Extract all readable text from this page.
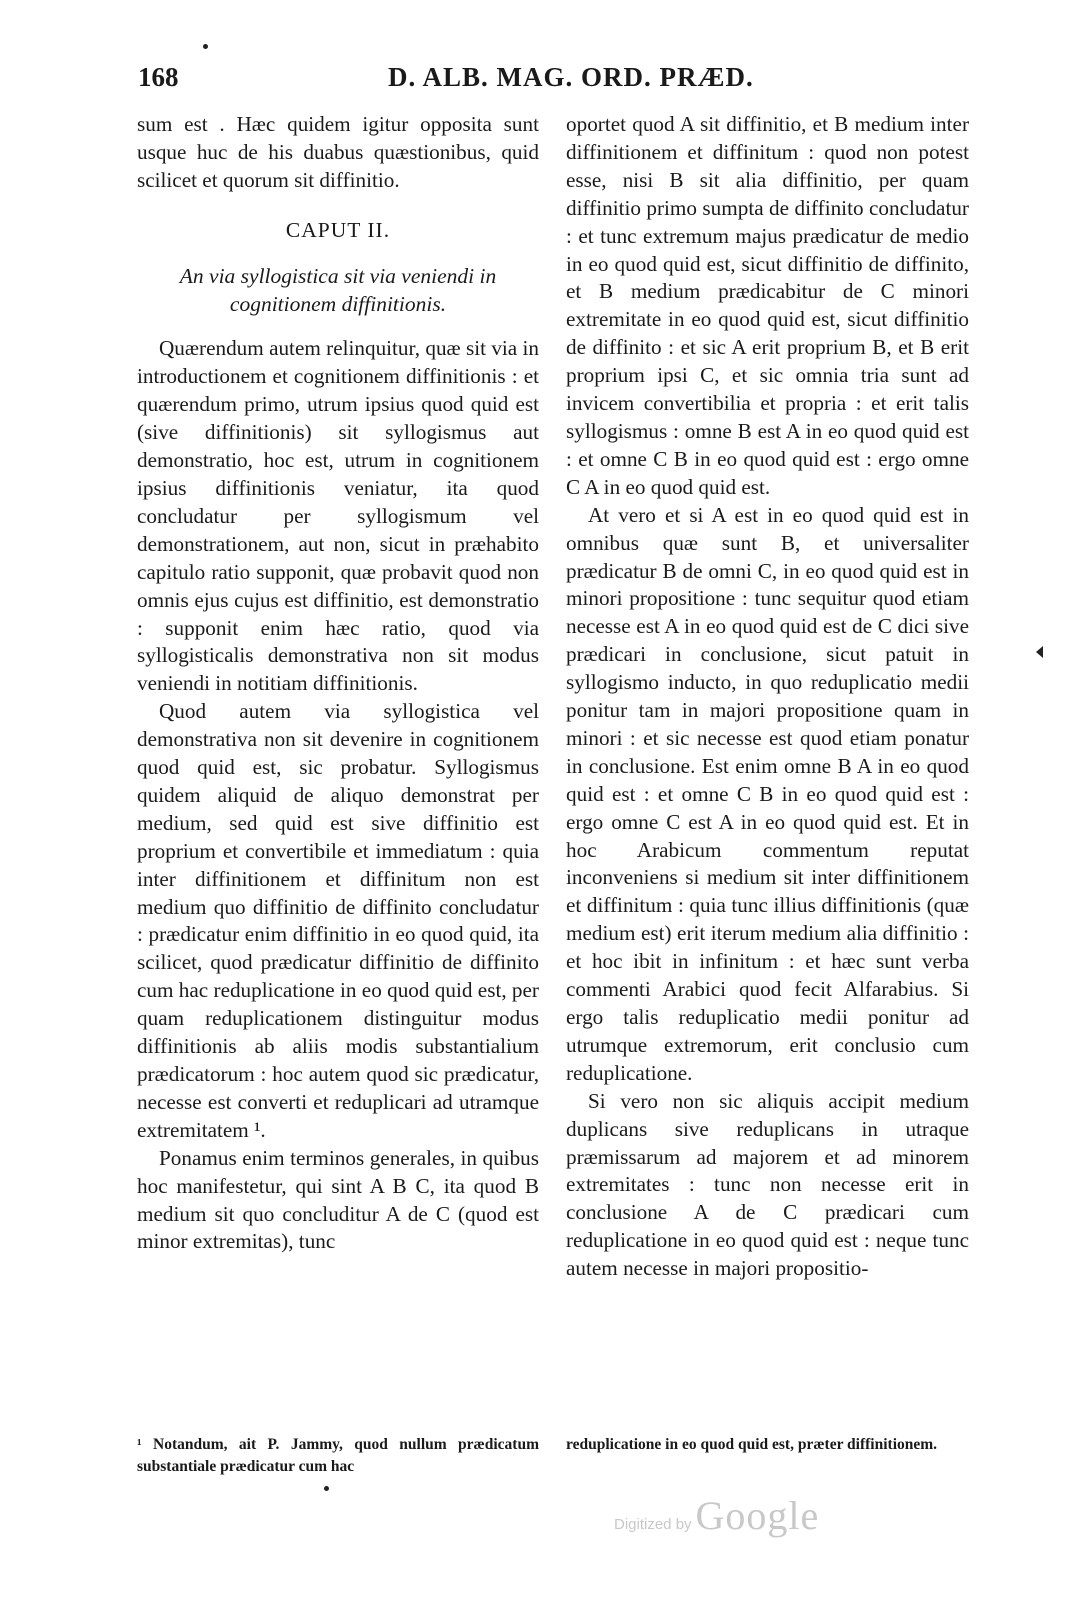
168	D. ALB. MAG. ORD. PRÆD.

sum est . Hæc quidem igitur opposita sunt usque huc de his duabus quæstionibus, quid scilicet et quorum sit diffinitio.

CAPUT II.
An via syllogistica sit via veniendi in cognitionem diffinitionis.

Quærendum autem relinquitur, quæ sit via in introductionem et cognitionem diffinitionis : et quærendum primo, utrum ipsius quod quid est (sive diffinitionis) sit syllogismus aut demonstratio, hoc est, utrum in cognitionem ipsius diffinitionis veniatur, ita quod concludatur per syllogismum vel demonstrationem, aut non, sicut in præhabito capitulo ratio supponit, quæ probavit quod non omnis ejus cujus est diffinitio, est demonstratio : supponit enim hæc ratio, quod via syllogisticalis demonstrativa non sit modus veniendi in notitiam diffinitionis.

Quod autem via syllogistica vel demonstrativa non sit devenire in cognitionem quod quid est, sic probatur. Syllogismus quidem aliquid de aliquo demonstrat per medium, sed quid est sive diffinitio est proprium et convertibile et immediatum : quia inter diffinitionem et diffinitum non est medium quo diffinitio de diffinito concludatur : prædicatur enim diffinitio in eo quod quid, ita scilicet, quod prædicatur diffinitio de diffinito cum hac reduplicatione in eo quod quid est, per quam reduplicationem distinguitur modus diffinitionis ab aliis modis substantialium prædicatorum : hoc autem quod sic prædicatur, necesse est converti et reduplicari ad utramque extremitatem ¹.

Ponamus enim terminos generales, in quibus hoc manifestetur, qui sint A B C, ita quod B medium sit quo concluditur A de C (quod est minor extremitas), tunc

oportet quod A sit diffinitio, et B medium inter diffinitionem et diffinitum : quod non potest esse, nisi B sit alia diffinitio, per quam diffinitio primo sumpta de diffinito concludatur : et tunc extremum majus prædicatur de medio in eo quod quid est, sicut diffinitio de diffinito, et B medium prædicabitur de C minori extremitate in eo quod quid est, sicut diffinitio de diffinito : et sic A erit proprium B, et B erit proprium ipsi C, et sic omnia tria sunt ad invicem convertibilia et propria : et erit talis syllogismus : omne B est A in eo quod quid est : et omne C B in eo quod quid est : ergo omne C A in eo quod quid est.

At vero et si A est in eo quod quid est in omnibus quæ sunt B, et universaliter prædicatur B de omni C, in eo quod quid est in minori propositione : tunc sequitur quod etiam necesse est A in eo quod quid est de C dici sive prædicari in conclusione, sicut patuit in syllogismo inducto, in quo reduplicatio medii ponitur tam in majori propositione quam in minori : et sic necesse est quod etiam ponatur in conclusione. Est enim omne B A in eo quod quid est : et omne C B in eo quod quid est : ergo omne C est A in eo quod quid est. Et in hoc Arabicum commentum reputat inconveniens si medium sit inter diffinitionem et diffinitum : quia tunc illius diffinitionis (quæ medium est) erit iterum medium alia diffinitio : et hoc ibit in infinitum : et hæc sunt verba commenti Arabici quod fecit Alfarabius. Si ergo talis reduplicatio medii ponitur ad utrumque extremorum, erit conclusio cum reduplicatione.

Si vero non sic aliquis accipit medium duplicans sive reduplicans in utraque præmissarum ad majorem et ad minorem extremitates : tunc non necesse erit in conclusione A de C prædicari cum reduplicatione in eo quod quid est : neque tunc autem necesse in majori propositio-

¹ Notandum, ait P. Jammy, quod nullum prædicatum substantiale prædicatur cum hac
reduplicatione in eo quod quid est, præter diffinitionem.
Digitized by Google
